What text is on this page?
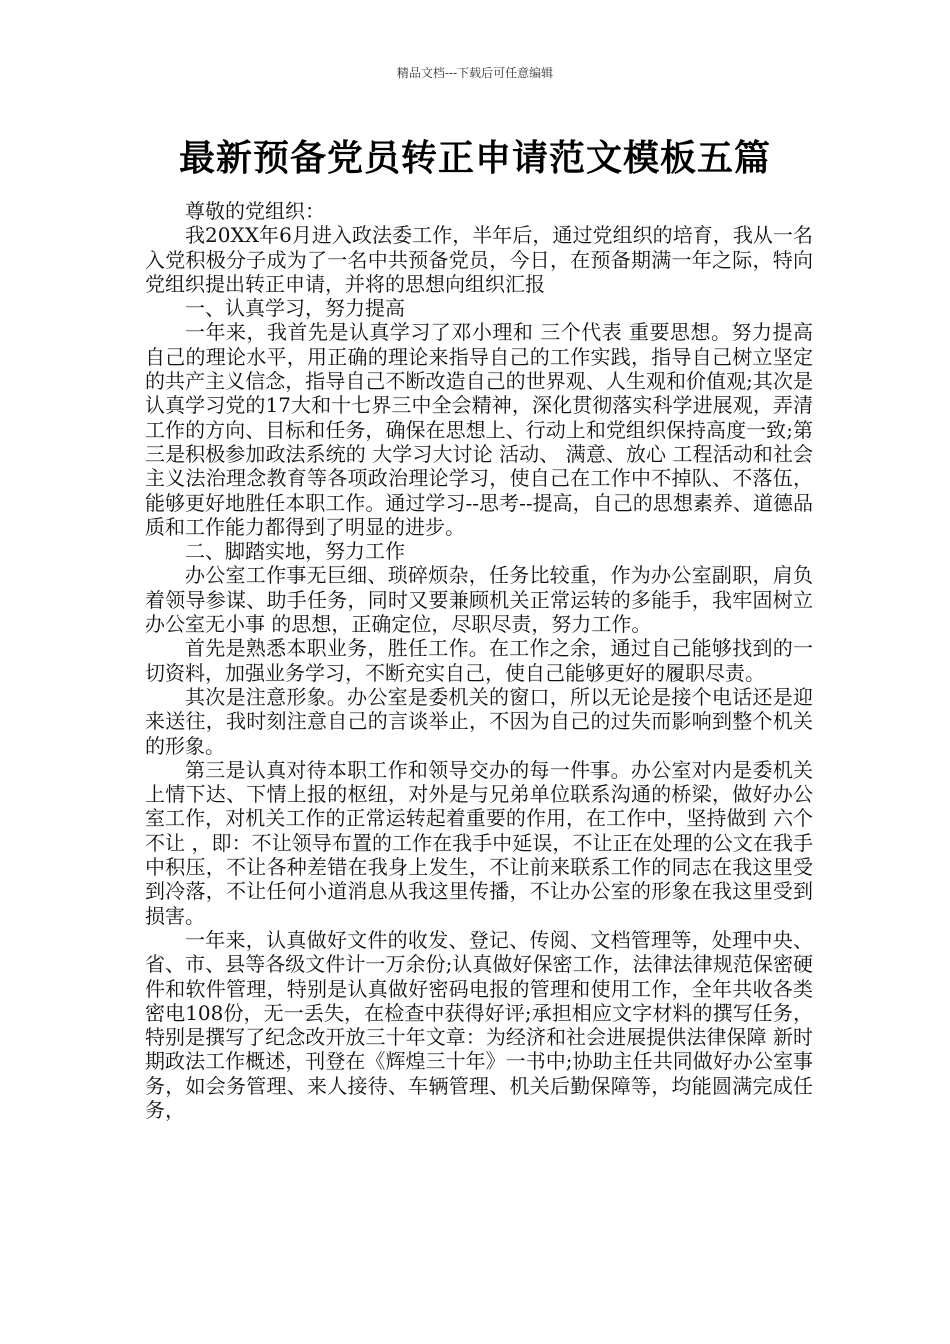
精品文档---下载后可任意编辑
最新预备党员转正申请范文模板五篇

尊敬的党组织：

我20XX年6月进入政法委工作，半年后，通过党组织的培育，我从一名入党积极分子成为了一名中共预备党员，今日，在预备期满一年之际，特向党组织提出转正申请，并将的思想向组织汇报

一、认真学习，努力提高

一年来，我首先是认真学习了邓小理和 三个代表 重要思想。努力提高自己的理论水平，用正确的理论来指导自己的工作实践，指导自己树立坚定的共产主义信念，指导自己不断改造自己的世界观、人生观和价值观;其次是认真学习党的17大和十七界三中全会精神，深化贯彻落实科学进展观，弄清工作的方向、目标和任务，确保在思想上、行动上和党组织保持高度一致;第三是积极参加政法系统的 大学习大讨论 活动、 满意、放心 工程活动和社会主义法治理念教育等各项政治理论学习，使自己在工作中不掉队、不落伍，能够更好地胜任本职工作。通过学习--思考--提高，自己的思想素养、道德品质和工作能力都得到了明显的进步。

二、脚踏实地，努力工作

办公室工作事无巨细、琐碎烦杂，任务比较重，作为办公室副职，肩负着领导参谋、助手任务，同时又要兼顾机关正常运转的多能手，我牢固树立 办公室无小事 的思想，正确定位，尽职尽责，努力工作。

首先是熟悉本职业务，胜任工作。在工作之余，通过自己能够找到的一切资料，加强业务学习，不断充实自己，使自己能够更好的履职尽责。

其次是注意形象。办公室是委机关的窗口，所以无论是接个电话还是迎来送往，我时刻注意自己的言谈举止，不因为自己的过失而影响到整个机关的形象。

第三是认真对待本职工作和领导交办的每一件事。办公室对内是委机关上情下达、下情上报的枢纽，对外是与兄弟单位联系沟通的桥梁，做好办公室工作，对机关工作的正常运转起着重要的作用，在工作中，坚持做到 六个不让 ，即：不让领导布置的工作在我手中延误，不让正在处理的公文在我手中积压，不让各种差错在我身上发生，不让前来联系工作的同志在我这里受到冷落，不让任何小道消息从我这里传播，不让办公室的形象在我这里受到损害。

一年来，认真做好文件的收发、登记、传阅、文档管理等，处理中央、省、市、县等各级文件计一万余份;认真做好保密工作，法律法律规范保密硬件和软件管理，特别是认真做好密码电报的管理和使用工作，全年共收各类密电108份，无一丢失，在检查中获得好评;承担相应文字材料的撰写任务，特别是撰写了纪念改开放三十年文章：为经济和社会进展提供法律保障 新时期政法工作概述，刊登在《辉煌三十年》一书中;协助主任共同做好办公室事务，如会务管理、来人接待、车辆管理、机关后勤保障等，均能圆满完成任务，
